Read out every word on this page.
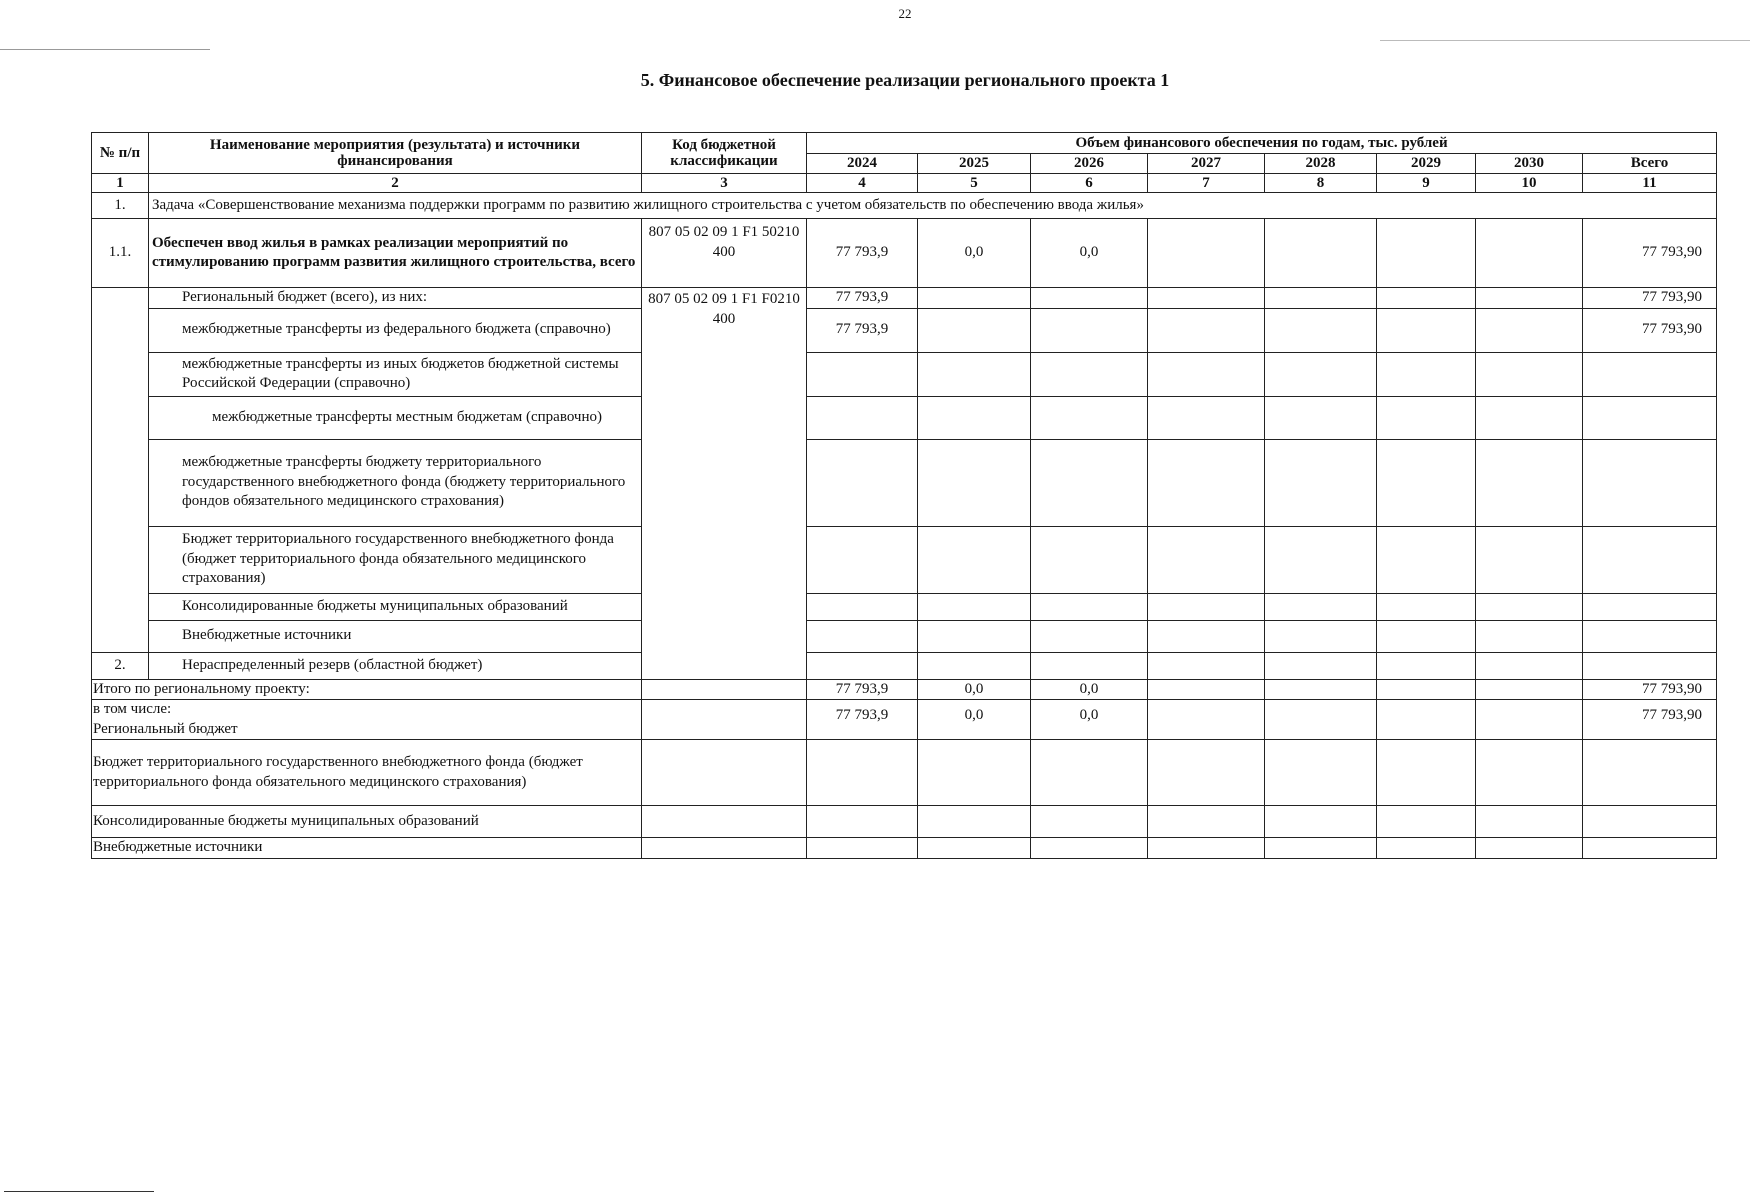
22
5. Финансовое обеспечение реализации регионального проекта 1
№ п/п	Наименование мероприятия (результата) и источники финансирования	Код бюджетной классификации	Объем финансового обеспечения по годам, тыс. рублей							
			2024	2025	2026	2027	2028	2029	2030	Всего
1	2	3	4	5	6	7	8	9	10	11
1.	Задача «Совершенствование механизма поддержки программ по развитию жилищного строительства с учетом обязательств по обеспечению ввода жилья»									
1.1.	Обеспечен ввод жилья в рамках реализации мероприятий по стимулированию программ развития жилищного строительства, всего	807 05 02 09 1 F1 50210 400	77 793,9	0,0	0,0					77 793,90
	Региональный бюджет (всего), из них:	807 05 02 09 1 F1 F0210 400	77 793,9							77 793,90
	межбюджетные трансферты из федерального бюджета (справочно)		77 793,9							77 793,90
	межбюджетные трансферты из иных бюджетов бюджетной системы Российской Федерации (справочно)									
	межбюджетные трансферты местным бюджетам (справочно)									
	межбюджетные трансферты бюджету территориального государственного внебюджетного фонда (бюджету территориального фондов обязательного медицинского страхования)									
	Бюджет территориального государственного внебюджетного фонда (бюджет территориального фонда обязательного медицинского страхования)									
	Консолидированные бюджеты муниципальных образований									
	Внебюджетные источники									
2.	Нераспределенный резерв (областной бюджет)									
Итого по региональному проекту:			77 793,9	0,0	0,0					77 793,90

в том числе:
Региональный бюджет			77 793,9	0,0	0,0					77 793,90
Бюджет территориального государственного внебюджетного фонда (бюджет территориального фонда обязательного медицинского страхования)										
Консолидированные бюджеты муниципальных образований										
Внебюджетные источники										
